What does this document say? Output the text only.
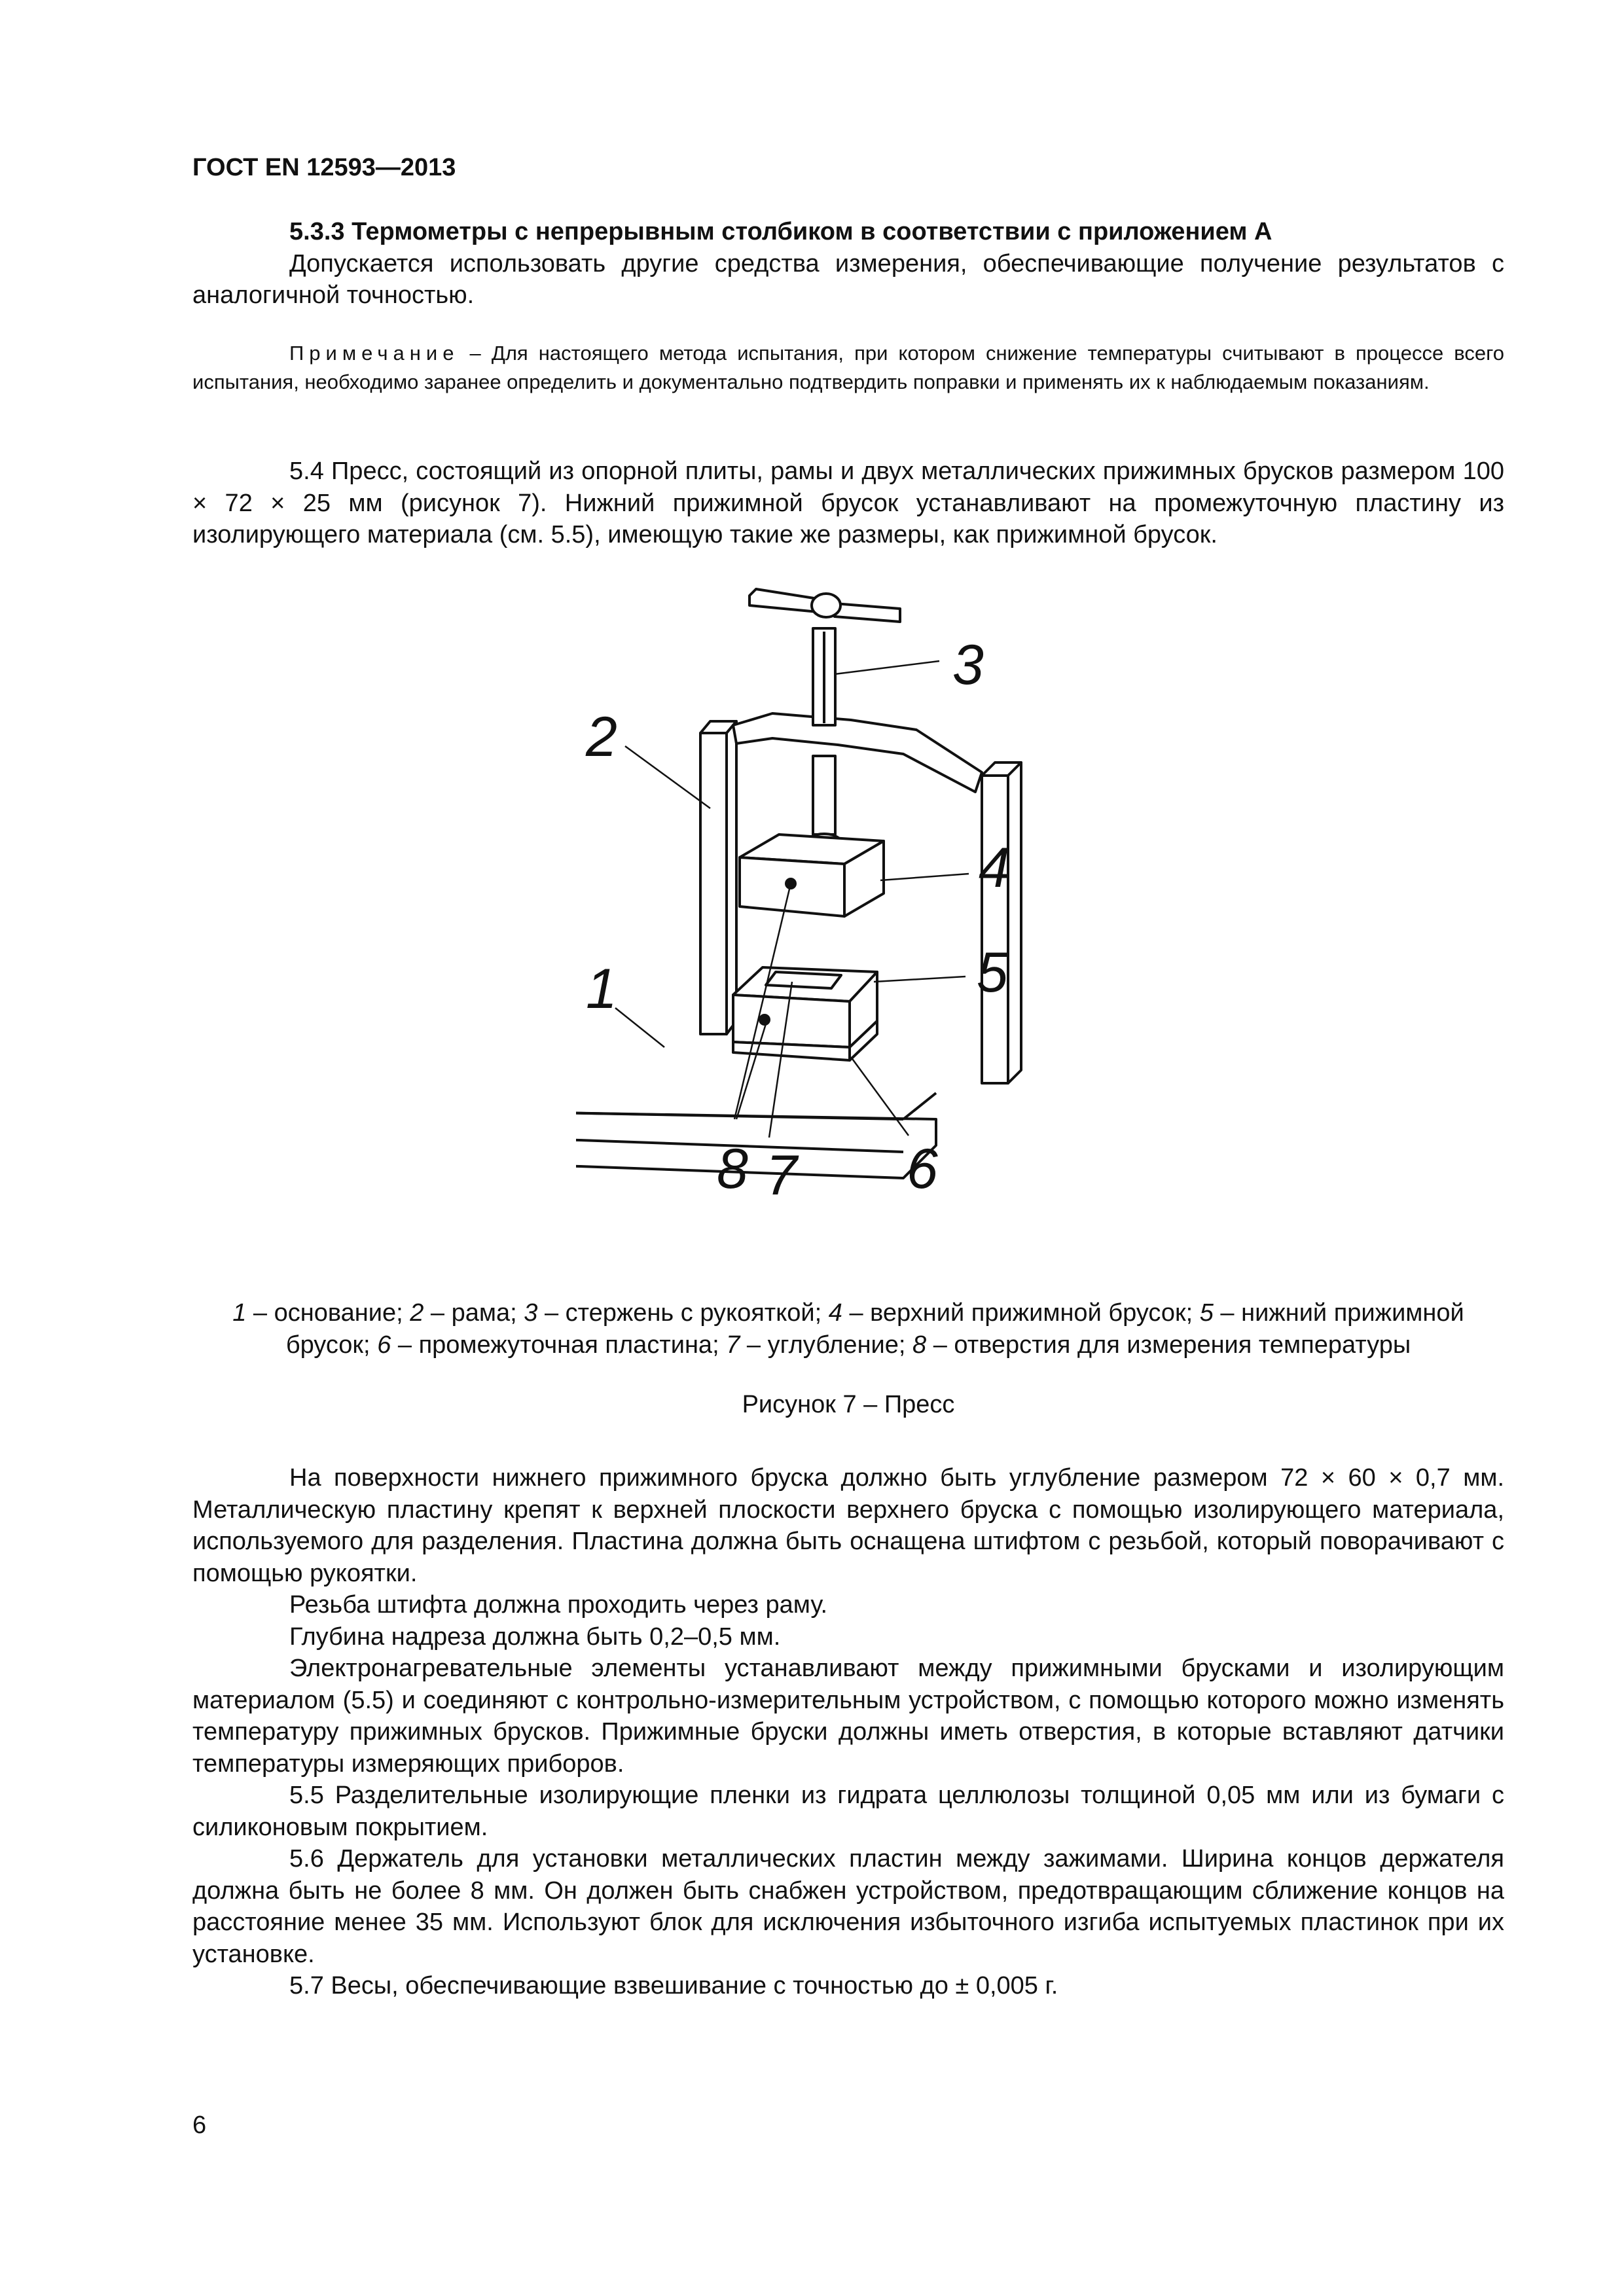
ГОСТ EN 12593—2013

5.3.3 Термометры с непрерывным столбиком в соответствии с приложением А

Допускается использовать другие средства измерения, обеспечивающие получение результатов с аналогичной точностью.

Примечание – Для настоящего метода испытания, при котором снижение температуры считывают в процессе всего испытания, необходимо заранее определить и документально подтвердить поправки и применять их к наблюдаемым показаниям.

5.4 Пресс, состоящий из опорной плиты, рамы и двух металлических прижимных брусков размером 100 × 72 × 25 мм (рисунок 7). Нижний прижимной брусок устанавливают на промежуточную пластину из изолирующего материала (см. 5.5), имеющую такие же размеры, как прижимной брусок.

3
2
4
5
1
8 7 6
1 – основание; 2 – рама; 3 – стержень с рукояткой; 4 – верхний прижимной брусок; 5 – нижний прижимной брусок; 6 – промежуточная пластина; 7 – углубление; 8 – отверстия для измерения температуры
Рисунок 7 – Пресс

На поверхности нижнего прижимного бруска должно быть углубление размером 72 × 60 × 0,7 мм. Металлическую пластину крепят к верхней плоскости верхнего бруска с помощью изолирующего материала, используемого для разделения. Пластина должна быть оснащена штифтом с резьбой, который поворачивают с помощью рукоятки.

Резьба штифта должна проходить через раму.

Глубина надреза должна быть 0,2–0,5 мм.

Электронагревательные элементы устанавливают между прижимными брусками и изолирующим материалом (5.5) и соединяют с контрольно-измерительным устройством, с помощью которого можно изменять температуру прижимных брусков. Прижимные бруски должны иметь отверстия, в которые вставляют датчики температуры измеряющих приборов.

5.5 Разделительные изолирующие пленки из гидрата целлюлозы толщиной 0,05 мм или из бумаги с силиконовым покрытием.

5.6 Держатель для установки металлических пластин между зажимами. Ширина концов держателя должна быть не более 8 мм. Он должен быть снабжен устройством, предотвращающим сближение концов на расстояние менее 35 мм. Используют блок для исключения избыточного изгиба испытуемых пластинок при их установке.

5.7 Весы, обеспечивающие взвешивание с точностью до ± 0,005 г.

6
